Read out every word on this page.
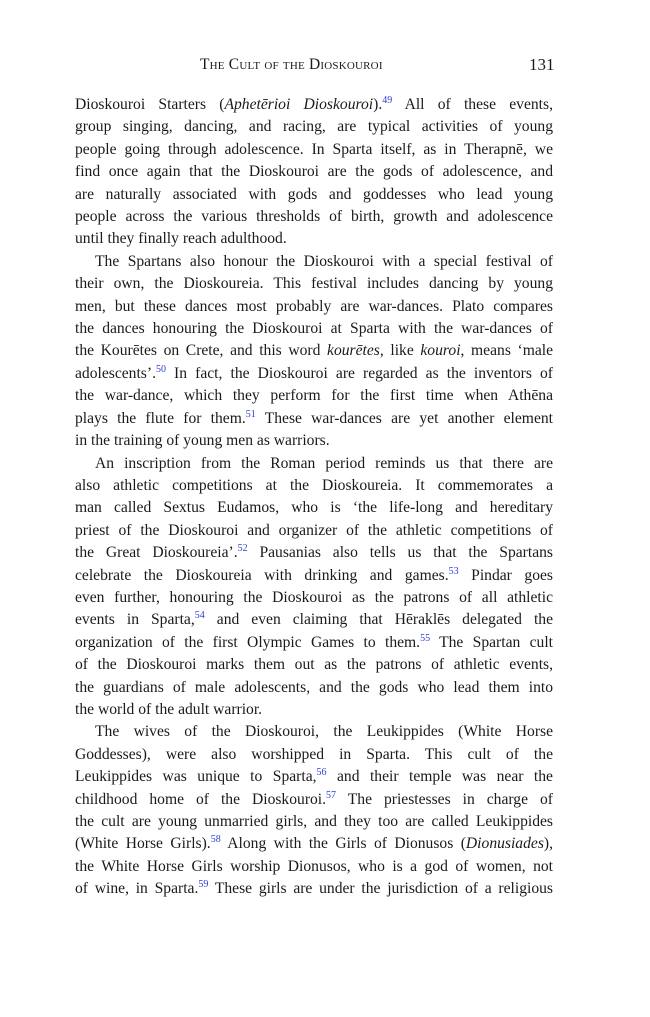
The Cult of the Dioskouroi	131
Dioskouroi Starters (Aphetērioi Dioskouroi).$^{49}$ All of these events,
group singing, dancing, and racing, are typical activities of young
people going through adolescence. In Sparta itself, as in Therapnē, we
find once again that the Dioskouroi are the gods of adolescence, and
are naturally associated with gods and goddesses who lead young
people across the various thresholds of birth, growth and adolescence
until they finally reach adulthood.
The Spartans also honour the Dioskouroi with a special festival of
their own, the Dioskoureia. This festival includes dancing by young
men, but these dances most probably are war-dances. Plato compares
the dances honouring the Dioskouroi at Sparta with the war-dances of
the Kourētes on Crete, and this word kourētes, like kouroi, means ‘male
adolescents’.$^{50}$ In fact, the Dioskouroi are regarded as the inventors of
the war-dance, which they perform for the first time when Athēna
plays the flute for them.$^{51}$ These war-dances are yet another element
in the training of young men as warriors.
An inscription from the Roman period reminds us that there are
also athletic competitions at the Dioskoureia. It commemorates a
man called Sextus Eudamos, who is ‘the life-long and hereditary
priest of the Dioskouroi and organizer of the athletic competitions of
the Great Dioskoureia’.$^{52}$ Pausanias also tells us that the Spartans
celebrate the Dioskoureia with drinking and games.$^{53}$ Pindar goes
even further, honouring the Dioskouroi as the patrons of all athletic
events in Sparta,$^{54}$ and even claiming that Hēraklēs delegated the
organization of the first Olympic Games to them.$^{55}$ The Spartan cult
of the Dioskouroi marks them out as the patrons of athletic events,
the guardians of male adolescents, and the gods who lead them into
the world of the adult warrior.
The wives of the Dioskouroi, the Leukippides (White Horse
Goddesses), were also worshipped in Sparta. This cult of the
Leukippides was unique to Sparta,$^{56}$ and their temple was near the
childhood home of the Dioskouroi.$^{57}$ The priestesses in charge of
the cult are young unmarried girls, and they too are called Leukippides
(White Horse Girls).$^{58}$ Along with the Girls of Dionusos (Dionusiades),
the White Horse Girls worship Dionusos, who is a god of women, not
of wine, in Sparta.$^{59}$ These girls are under the jurisdiction of a religious
